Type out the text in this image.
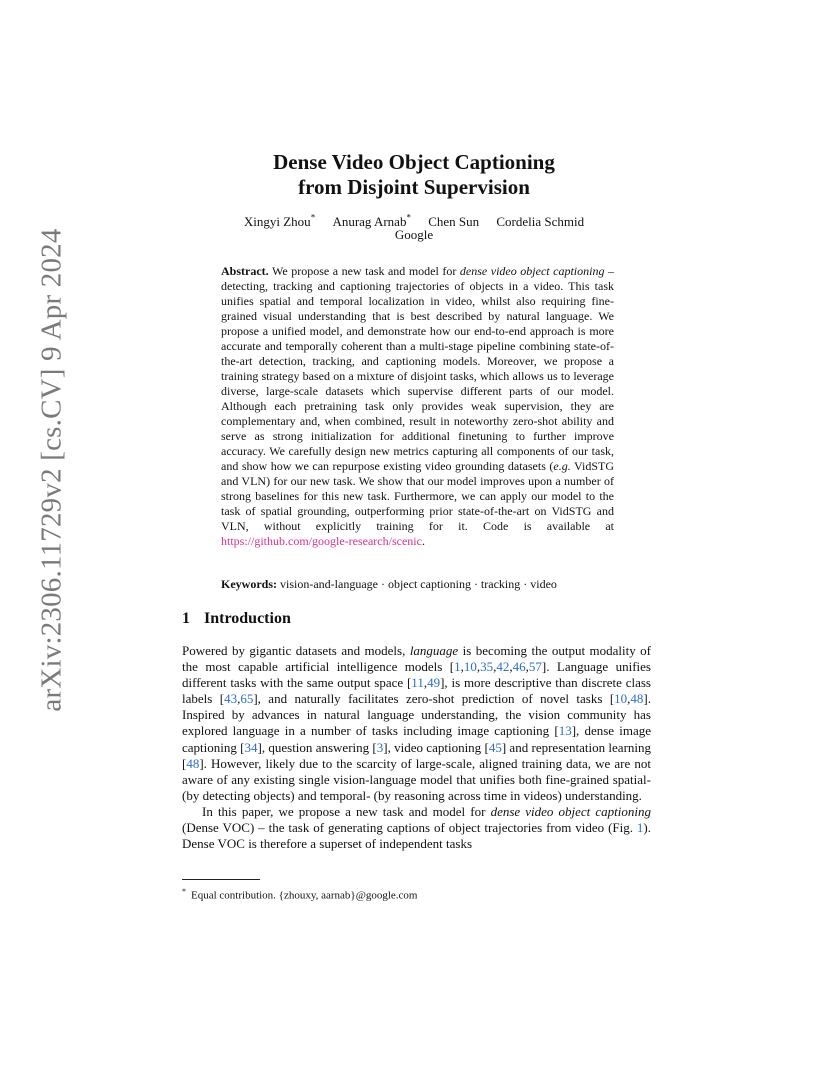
arXiv:2306.11729v2 [cs.CV] 9 Apr 2024
Dense Video Object Captioning
from Disjoint Supervision
Xingyi Zhou* Anurag Arnab* Chen Sun Cordelia Schmid
Google
Abstract. We propose a new task and model for dense video object captioning – detecting, tracking and captioning trajectories of objects in a video. This task unifies spatial and temporal localization in video, whilst also requiring fine-grained visual understanding that is best described by natural language. We propose a unified model, and demonstrate how our end-to-end approach is more accurate and temporally coherent than a multi-stage pipeline combining state-of-the-art detection, tracking, and captioning models. Moreover, we propose a training strategy based on a mixture of disjoint tasks, which allows us to leverage diverse, large-scale datasets which supervise different parts of our model. Although each pretraining task only provides weak supervision, they are complementary and, when combined, result in noteworthy zero-shot ability and serve as strong initialization for additional finetuning to further improve accuracy. We carefully design new metrics capturing all components of our task, and show how we can repurpose existing video grounding datasets (e.g. VidSTG and VLN) for our new task. We show that our model improves upon a number of strong baselines for this new task. Furthermore, we can apply our model to the task of spatial grounding, outperforming prior state-of-the-art on VidSTG and VLN, without explicitly training for it. Code is available at https://github.com/google-research/scenic.
Keywords: vision-and-language · object captioning · tracking · video
1 Introduction

Powered by gigantic datasets and models, language is becoming the output modality of the most capable artificial intelligence models [1,10,35,42,46,57]. Language unifies different tasks with the same output space [11,49], is more descriptive than discrete class labels [43,65], and naturally facilitates zero-shot prediction of novel tasks [10,48]. Inspired by advances in natural language understanding, the vision community has explored language in a number of tasks including image captioning [13], dense image captioning [34], question answering [3], video captioning [45] and representation learning [48]. However, likely due to the scarcity of large-scale, aligned training data, we are not aware of any existing single vision-language model that unifies both fine-grained spatial- (by detecting objects) and temporal- (by reasoning across time in videos) understanding.

In this paper, we propose a new task and model for dense video object captioning (Dense VOC) – the task of generating captions of object trajectories from video (Fig. 1). Dense VOC is therefore a superset of independent tasks

* Equal contribution. {zhouxy, aarnab}@google.com
